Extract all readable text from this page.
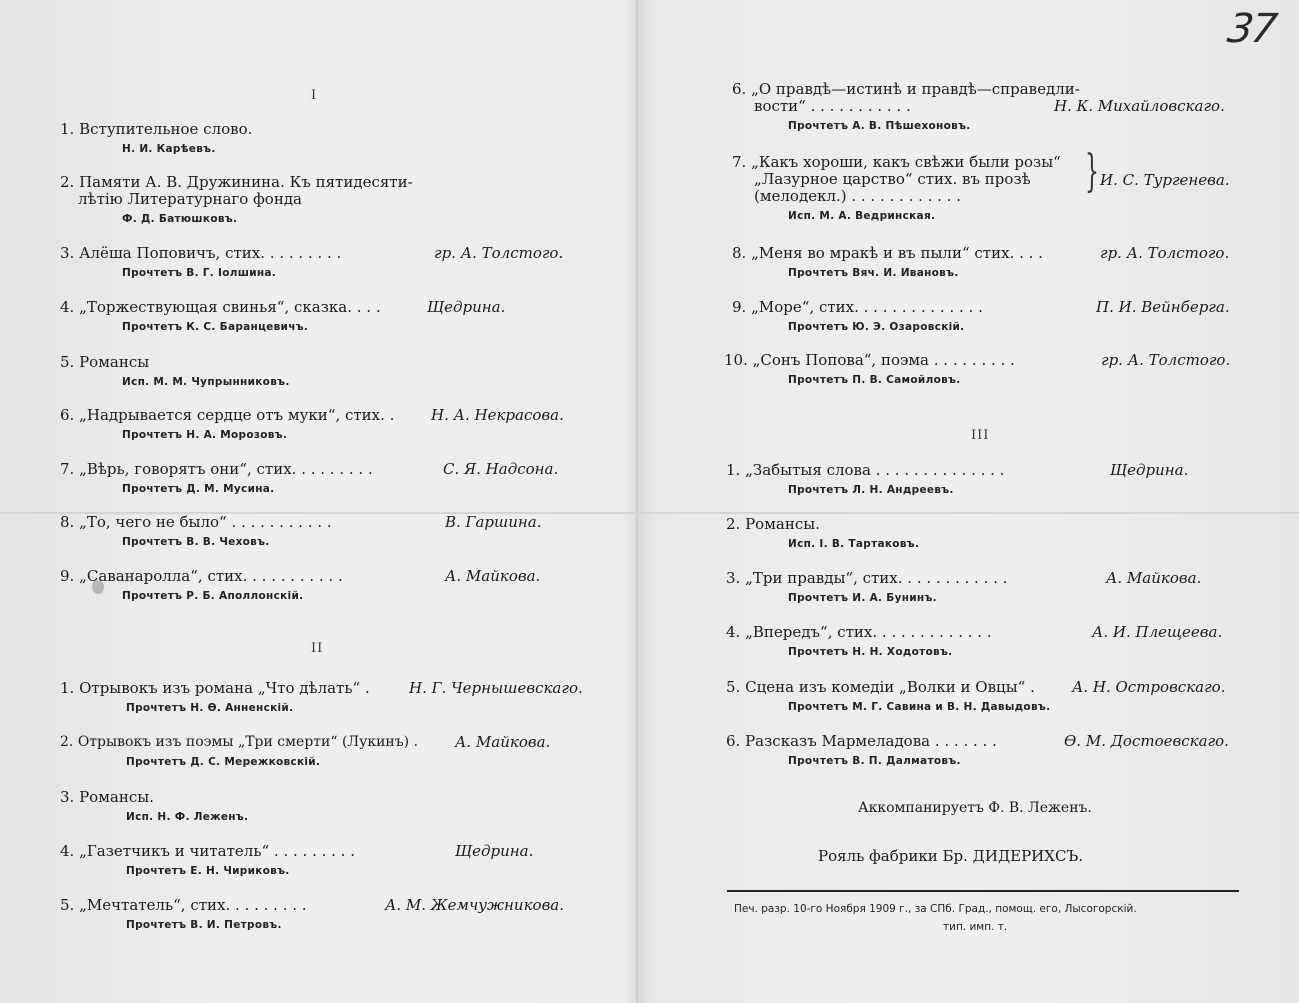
37
I
II
III
1. Вступительное слово.
Н. И. Карѣевъ.
2. Памяти А. В. Дружинина. Къ пятидесяти-
лѣтію Литературнаго фонда
Ф. Д. Батюшковъ.
3. Алёша Поповичъ, стих. . . . . . . . .	гр. А. Толстого.
Прочтетъ В. Г. Іолшина.
4. „Торжествующая свинья“, сказка. . . .	Щедрина.
Прочтетъ К. С. Баранцевичъ.
5. Романсы
Исп. М. М. Чупрынниковъ.
6. „Надрывается сердце отъ муки“, стих. . Н. А. Некрасова.
Прочтетъ Н. А. Морозовъ.
7. „Вѣрь, говорятъ они“, стих. . . . . . . . .	С. Я. Надсона.
Прочтетъ Д. М. Мусина.
8. „То, чего не было“ . . . . . . . . . . .	В. Гаршина.
Прочтетъ В. В. Чеховъ.
9. „Саванаролла“, стих. . . . . . . . . . .	А. Майкова.
Прочтетъ Р. Б. Аполлонскій.
1. Отрывокъ изъ романа „Что дѣлать“ .	Н. Г. Чернышевскаго.
Прочтетъ Н. Ѳ. Анненскій.
2. Отрывокъ изъ поэмы „Три смерти“ (Лукинъ) . А. Майкова.
Прочтетъ Д. С. Мережковскій.
3. Романсы.
Исп. Н. Ф. Леженъ.
4. „Газетчикъ и читатель“ . . . . . . . . .	Щедрина.
Прочтетъ Е. Н. Чириковъ.
5. „Мечтатель“, стих. . . . . . . . .	А. М. Жемчужникова.
Прочтетъ В. И. Петровъ.
6. „О правдѣ—истинѣ и правдѣ—справедли-
вости“ . . . . . . . . . . .	Н. К. Михайловскаго.
Прочтетъ А. В. Пѣшехоновъ.
7. „Какъ хороши, какъ свѣжи были розы“
„Лазурное царство“ стих. въ прозѣ
(мелодекл.) . . . . . . . . . . . .
Исп. М. А. Ведринская.
} И. С. Тургенева.
8. „Меня во мракѣ и въ пыли“ стих. . . .	гр. А. Толстого.
Прочтетъ Вяч. И. Ивановъ.
9. „Море“, стих. . . . . . . . . . . . . .	П. И. Вейнберга.
Прочтетъ Ю. Э. Озаровскій.
10. „Сонъ Попова“, поэма . . . . . . . . .	гр. А. Толстого.
Прочтетъ П. В. Самойловъ.
1. „Забытыя слова . . . . . . . . . . . . . .	Щедрина.
Прочтетъ Л. Н. Андреевъ.
2. Романсы.
Исп. І. В. Тартаковъ.
3. „Три правды“, стих. . . . . . . . . . . .	А. Майкова.
Прочтетъ И. А. Бунинъ.
4. „Впередъ“, стих. . . . . . . . . . . . .	А. И. Плещеева.
Прочтетъ Н. Н. Ходотовъ.
5. Сцена изъ комедіи „Волки и Овцы“ . А. Н. Островскаго.
Прочтетъ М. Г. Савина и В. Н. Давыдовъ.
6. Разсказъ Мармеладова . . . . . . .	Ѳ. М. Достоевскаго.
Прочтетъ В. П. Далматовъ.
Аккомпанируетъ Ф. В. Леженъ.
Рояль фабрики Бр. ДИДЕРИХСЪ.
Печ. разр. 10-го Ноября 1909 г., за СПб. Град., помощ. его, Лысогорскій.
тип. имп. т.
